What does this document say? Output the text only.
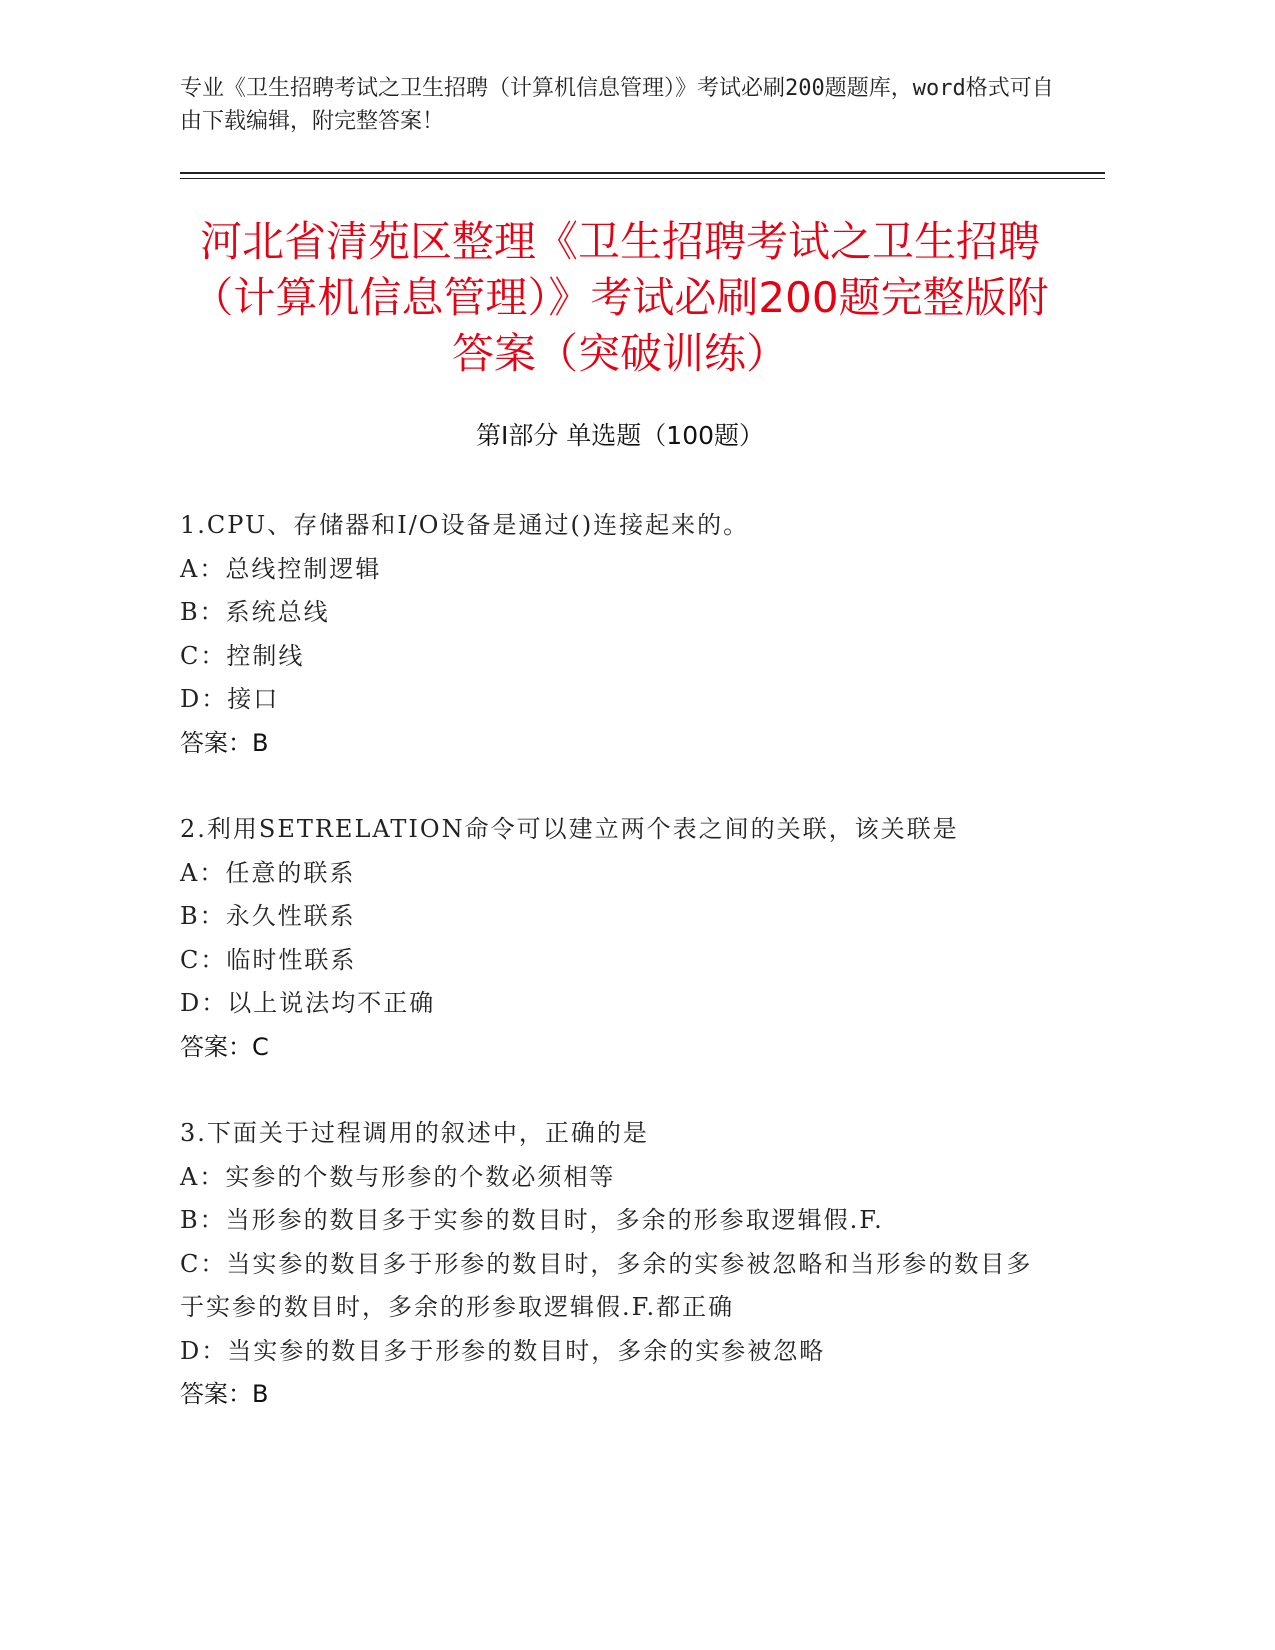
专业《卫生招聘考试之卫生招聘（计算机信息管理）》考试必刷200题题库，word格式可自由下载编辑，附完整答案！
河北省清苑区整理《卫生招聘考试之卫生招聘（计算机信息管理）》考试必刷200题完整版附答案（突破训练）
第Ⅰ部分 单选题（100题）
1.CPU、存储器和I/O设备是通过()连接起来的。
A：总线控制逻辑
B：系统总线
C：控制线
D：接口
答案：B
2.利用SETRELATION命令可以建立两个表之间的关联，该关联是
A：任意的联系
B：永久性联系
C：临时性联系
D：以上说法均不正确
答案：C
3.下面关于过程调用的叙述中，正确的是
A：实参的个数与形参的个数必须相等
B：当形参的数目多于实参的数目时，多余的形参取逻辑假.F.
C：当实参的数目多于形参的数目时，多余的实参被忽略和当形参的数目多于实参的数目时，多余的形参取逻辑假.F.都正确
D：当实参的数目多于形参的数目时，多余的实参被忽略
答案：B
